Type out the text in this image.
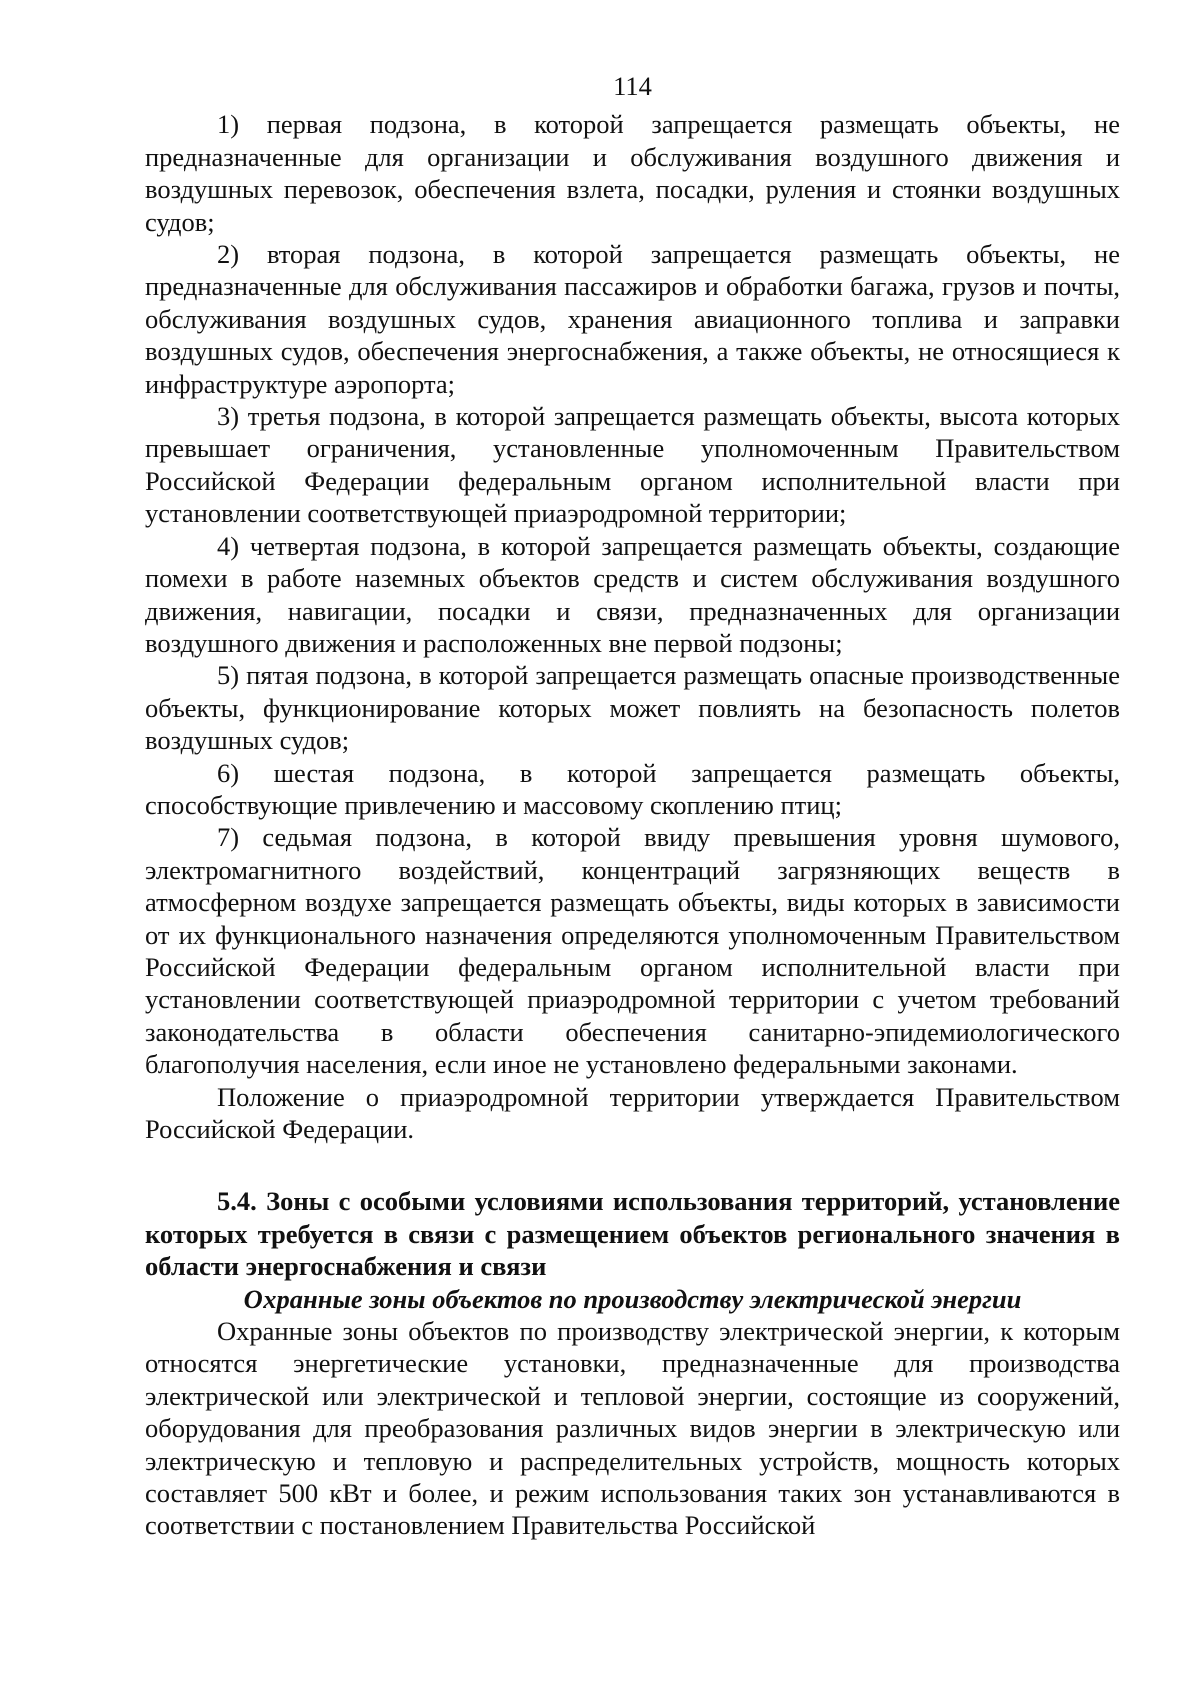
114

1) первая подзона, в которой запрещается размещать объекты, не предназначенные для организации и обслуживания воздушного движения и воздушных перевозок, обеспечения взлета, посадки, руления и стоянки воздушных судов;

2) вторая подзона, в которой запрещается размещать объекты, не предназначенные для обслуживания пассажиров и обработки багажа, грузов и почты, обслуживания воздушных судов, хранения авиационного топлива и заправки воздушных судов, обеспечения энергоснабжения, а также объекты, не относящиеся к инфраструктуре аэропорта;

3) третья подзона, в которой запрещается размещать объекты, высота которых превышает ограничения, установленные уполномоченным Правительством Российской Федерации федеральным органом исполнительной власти при установлении соответствующей приаэродромной территории;

4) четвертая подзона, в которой запрещается размещать объекты, создающие помехи в работе наземных объектов средств и систем обслуживания воздушного движения, навигации, посадки и связи, предназначенных для организации воздушного движения и расположенных вне первой подзоны;

5) пятая подзона, в которой запрещается размещать опасные производственные объекты, функционирование которых может повлиять на безопасность полетов воздушных судов;

6) шестая подзона, в которой запрещается размещать объекты, способствующие привлечению и массовому скоплению птиц;

7) седьмая подзона, в которой ввиду превышения уровня шумового, электромагнитного воздействий, концентраций загрязняющих веществ в атмосферном воздухе запрещается размещать объекты, виды которых в зависимости от их функционального назначения определяются уполномоченным Правительством Российской Федерации федеральным органом исполнительной власти при установлении соответствующей приаэродромной территории с учетом требований законодательства в области обеспечения санитарно-эпидемиологического благополучия населения, если иное не установлено федеральными законами.

Положение о приаэродромной территории утверждается Правительством Российской Федерации.

5.4. Зоны с особыми условиями использования территорий, установление которых требуется в связи с размещением объектов регионального значения в области энергоснабжения и связи

Охранные зоны объектов по производству электрической энергии

Охранные зоны объектов по производству электрической энергии, к которым относятся энергетические установки, предназначенные для производства электрической или электрической и тепловой энергии, состоящие из сооружений, оборудования для преобразования различных видов энергии в электрическую или электрическую и тепловую и распределительных устройств, мощность которых составляет 500 кВт и более, и режим использования таких зон устанавливаются в соответствии с постановлением Правительства Российской
